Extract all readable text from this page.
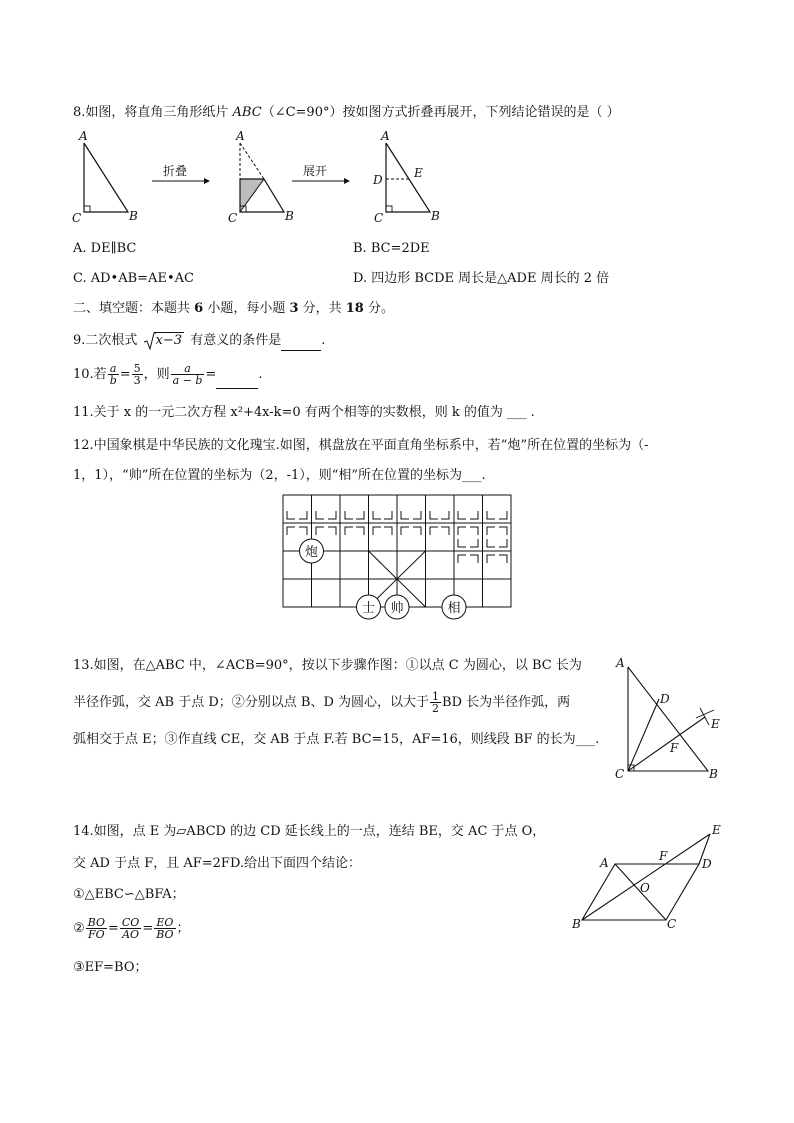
8.如图，将直角三角形纸片 ABC（∠C=90°）按如图方式折叠再展开，下列结论错误的是（ ）
A
C	B
折叠
A
C	B
展开
A
D	E
C	B
A. DE∥BC	B. BC=2DE
C. AD•AB=AE•AC	D. 四边形 BCDE 周长是△ADE 周长的 2 倍
二、填空题：本题共 6 小题，每小题 3 分，共 18 分。
9.二次根式 x−3 有意义的条件是	.
10.若 $\frac{a}{b} = \frac{5}{3}$ ，则 $\frac{a}{a - b}$ =	.
11.关于 x 的一元二次方程 x²+4x-k=0 有两个相等的实数根，则 k 的值为 ___ .
12.中国象棋是中华民族的文化瑰宝.如图，棋盘放在平面直角坐标系中，若“炮”所在位置的坐标为（-
1，1），“帅”所在位置的坐标为（2，-1），则“相”所在位置的坐标为___.
炮
士 帅	相
13.如图，在△ABC 中，∠ACB=90°，按以下步骤作图：①以点 C 为圆心，以 BC 长为
半径作弧，交 AB 于点 D；②分别以点 B、D 为圆心，以大于 $\frac{1}{2}$ BD 长为半径作弧，两
弧相交于点 E；③作直线 CE，交 AB 于点 F.若 BC=15，AF=16，则线段 BF 的长为___.
A
D
E
F
C	B
14.如图，点 E 为▱ABCD 的边 CD 延长线上的一点，连结 BE，交 AC 于点 O，
交 AD 于点 F，且 AF=2FD.给出下面四个结论：
①△EBC∽△BFA；
② $\frac{BO}{FO} = \frac{CO}{AO} = \frac{EO}{BO}$ ；
③EF=BO；
E
A	F
D
O
B	C
